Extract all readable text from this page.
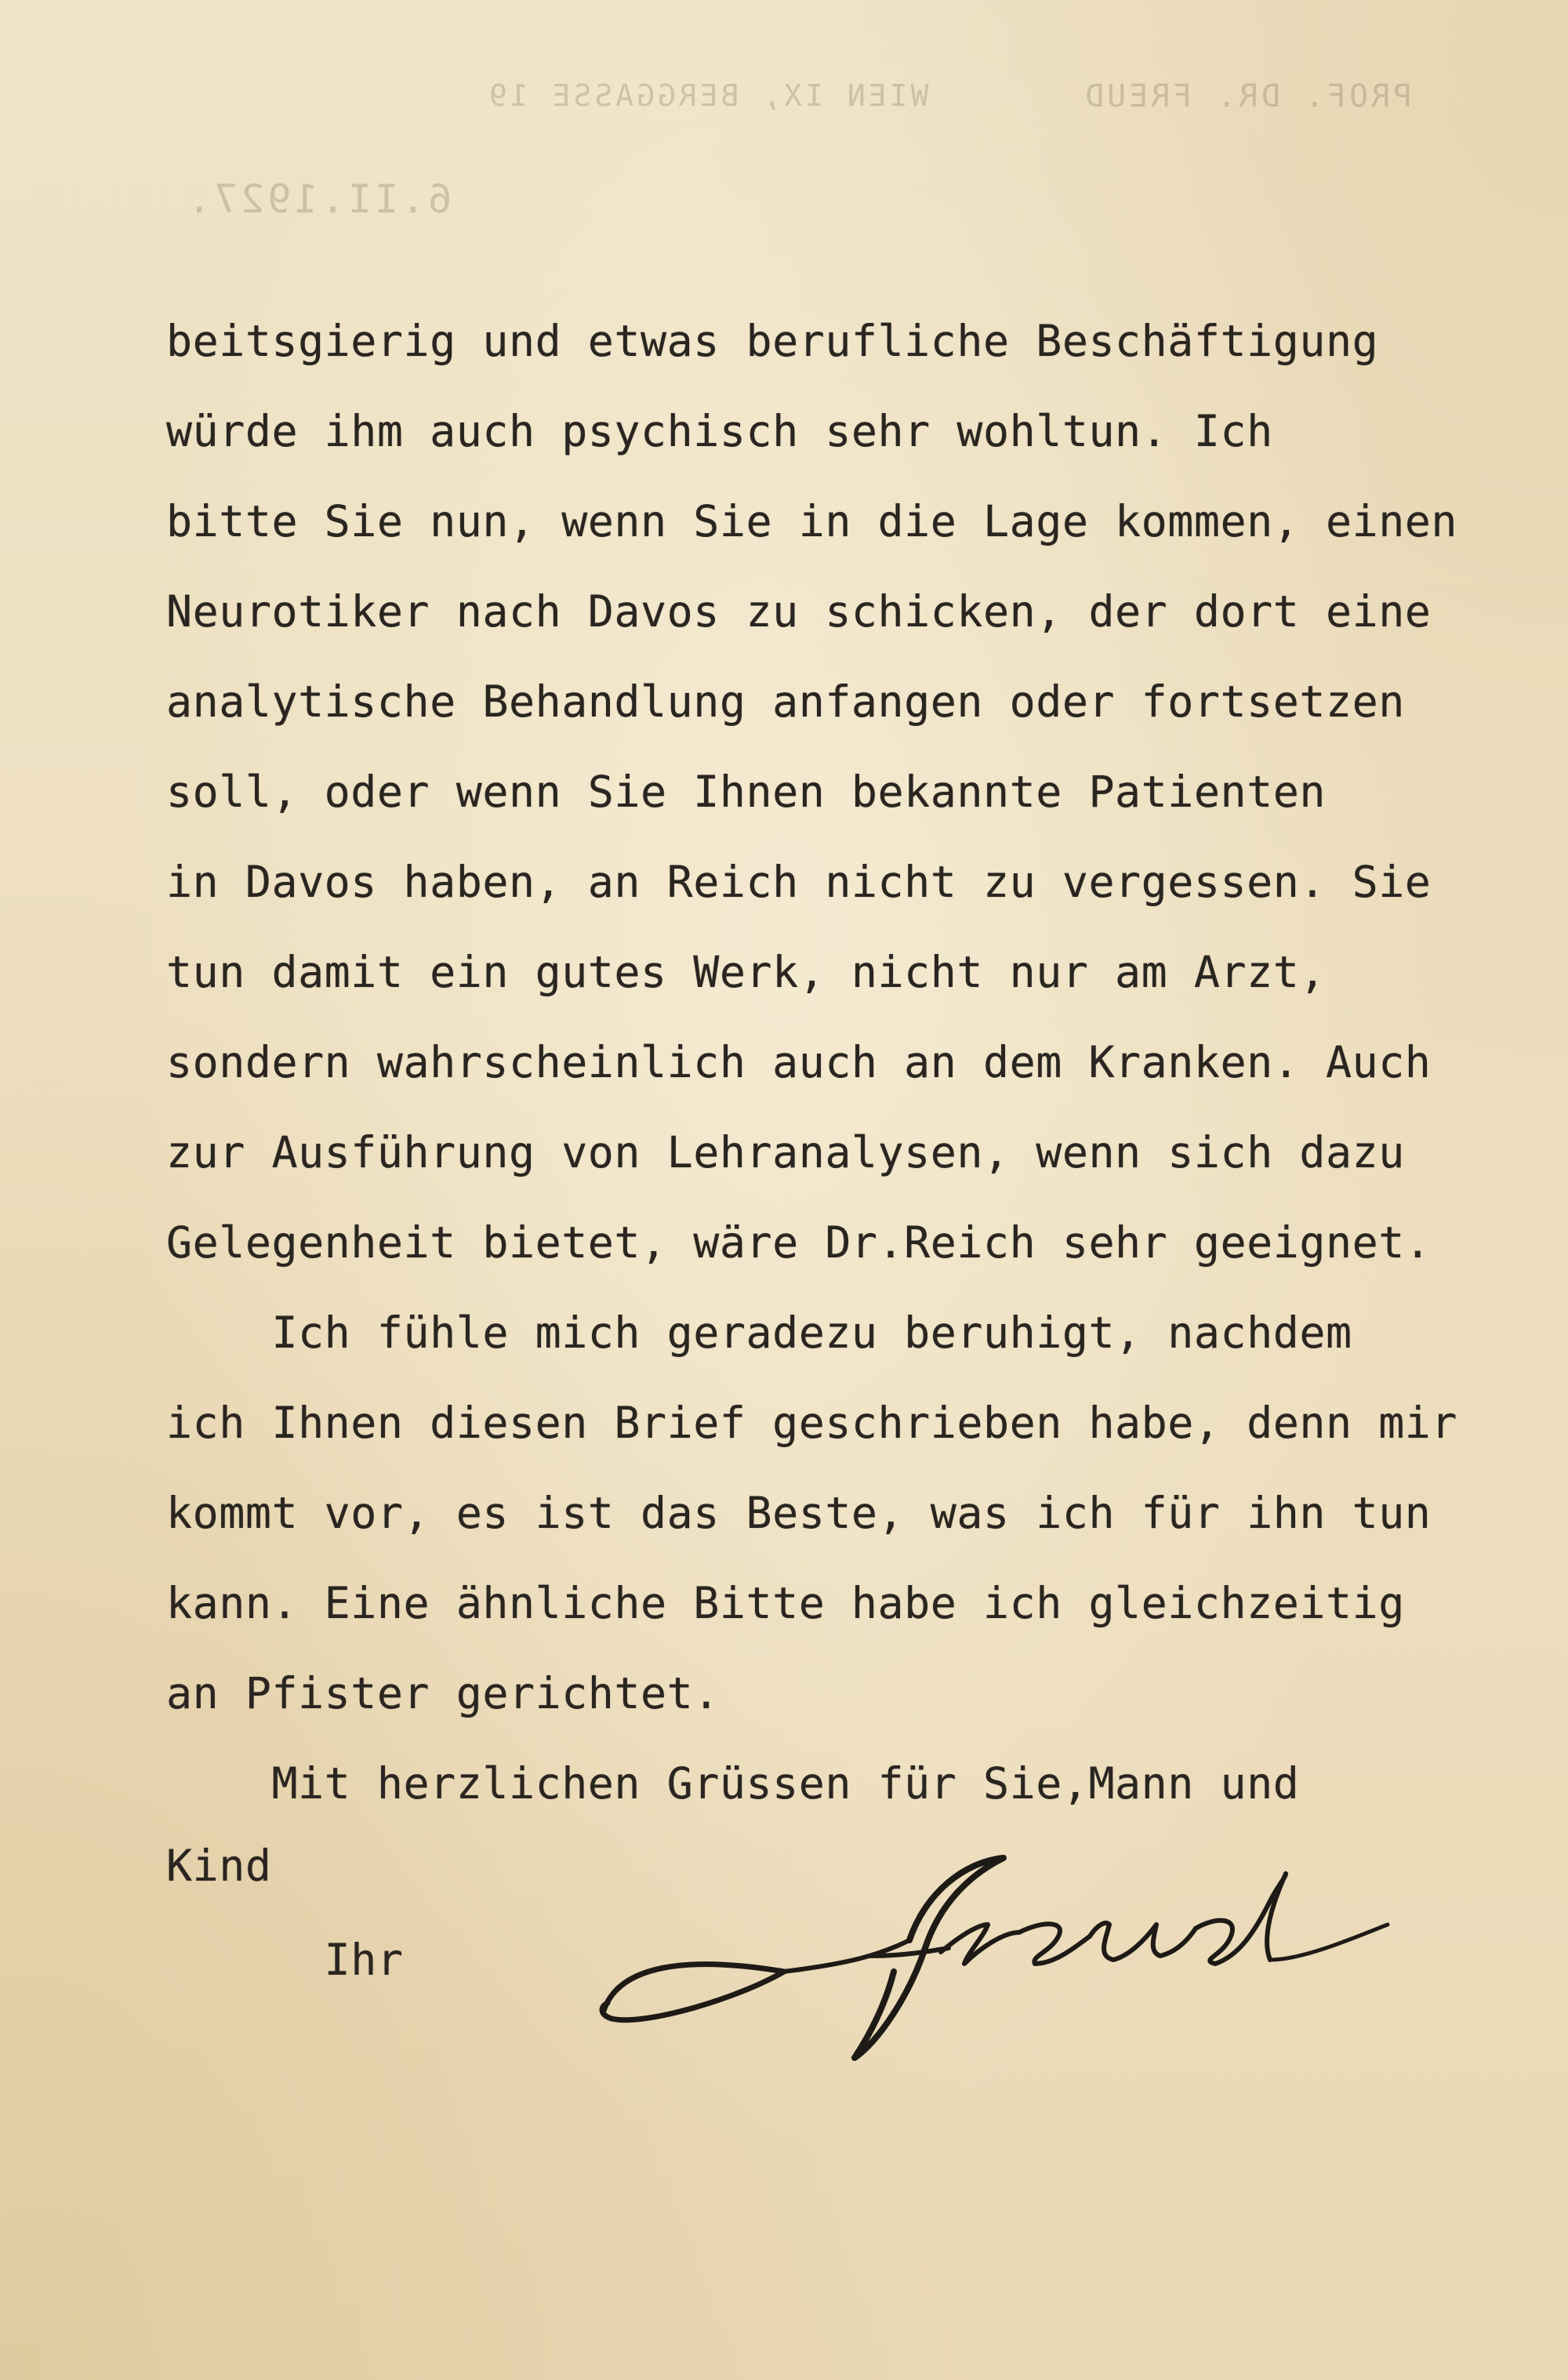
PROF. DR. FREUD
WIEN IX, BERGGASSE 19
6.II.1927.
beitsgierig und etwas berufliche Beschäftigung
würde ihm auch psychisch sehr wohltun. Ich
bitte Sie nun, wenn Sie in die Lage kommen, einen
Neurotiker nach Davos zu schicken, der dort eine
analytische Behandlung anfangen oder fortsetzen
soll, oder wenn Sie Ihnen bekannte Patienten
in Davos haben, an Reich nicht zu vergessen. Sie
tun damit ein gutes Werk, nicht nur am Arzt,
sondern wahrscheinlich auch an dem Kranken. Auch
zur Ausführung von Lehranalysen, wenn sich dazu
Gelegenheit bietet, wäre Dr.Reich sehr geeignet.
Ich fühle mich geradezu beruhigt, nachdem
ich Ihnen diesen Brief geschrieben habe, denn mir
kommt vor, es ist das Beste, was ich für ihn tun
kann. Eine ähnliche Bitte habe ich gleichzeitig
an Pfister gerichtet.
Mit herzlichen Grüssen für Sie,Mann und
Kind
Ihr
